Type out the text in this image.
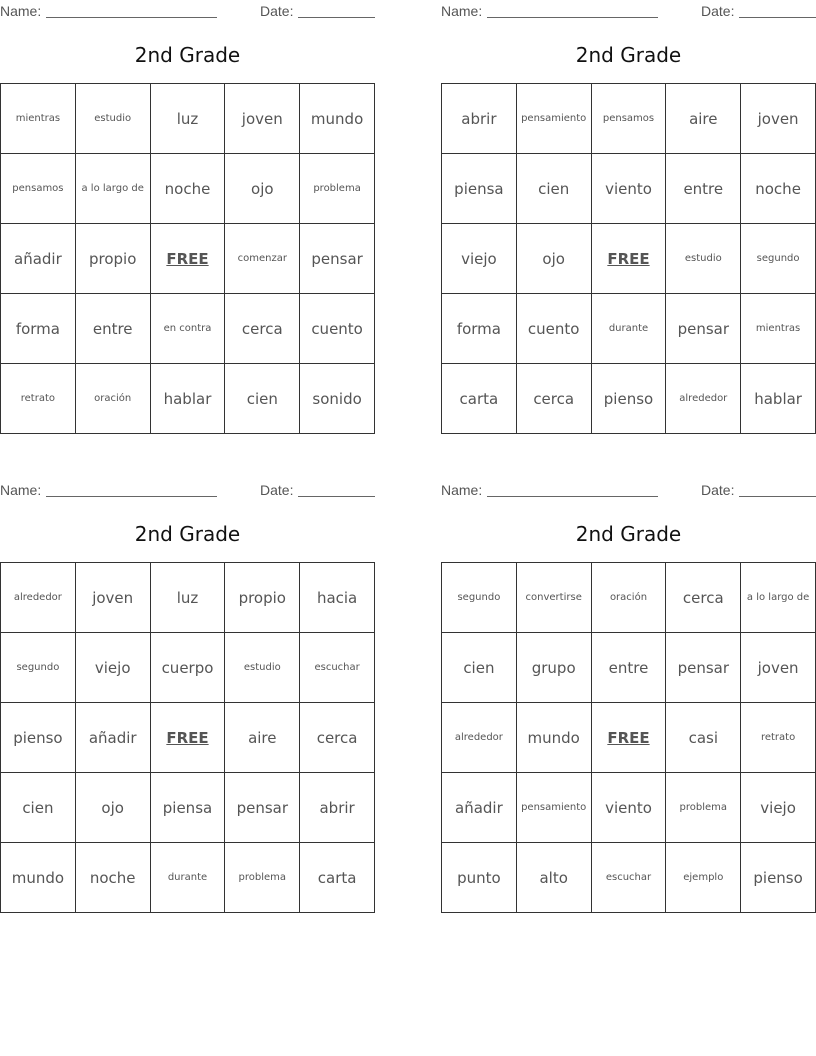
Name:	Date:
2nd Grade
mientras	estudio	luz	joven	mundo
pensamos	a lo largo de	noche	ojo	problema
añadir	propio	FREE	comenzar	pensar
forma	entre	en contra	cerca	cuento
retrato	oración	hablar	cien	sonido
Name:	Date:
2nd Grade
abrir	pensamiento	pensamos	aire	joven
piensa	cien	viento	entre	noche
viejo	ojo	FREE	estudio	segundo
forma	cuento	durante	pensar	mientras
carta	cerca	pienso	alrededor	hablar
Name:	Date:
2nd Grade
alrededor	joven	luz	propio	hacia
segundo	viejo	cuerpo	estudio	escuchar
pienso	añadir	FREE	aire	cerca
cien	ojo	piensa	pensar	abrir
mundo	noche	durante	problema	carta
Name:	Date:
2nd Grade
segundo	convertirse	oración	cerca	a lo largo de
cien	grupo	entre	pensar	joven
alrededor	mundo	FREE	casi	retrato
añadir	pensamiento	viento	problema	viejo
punto	alto	escuchar	ejemplo	pienso
